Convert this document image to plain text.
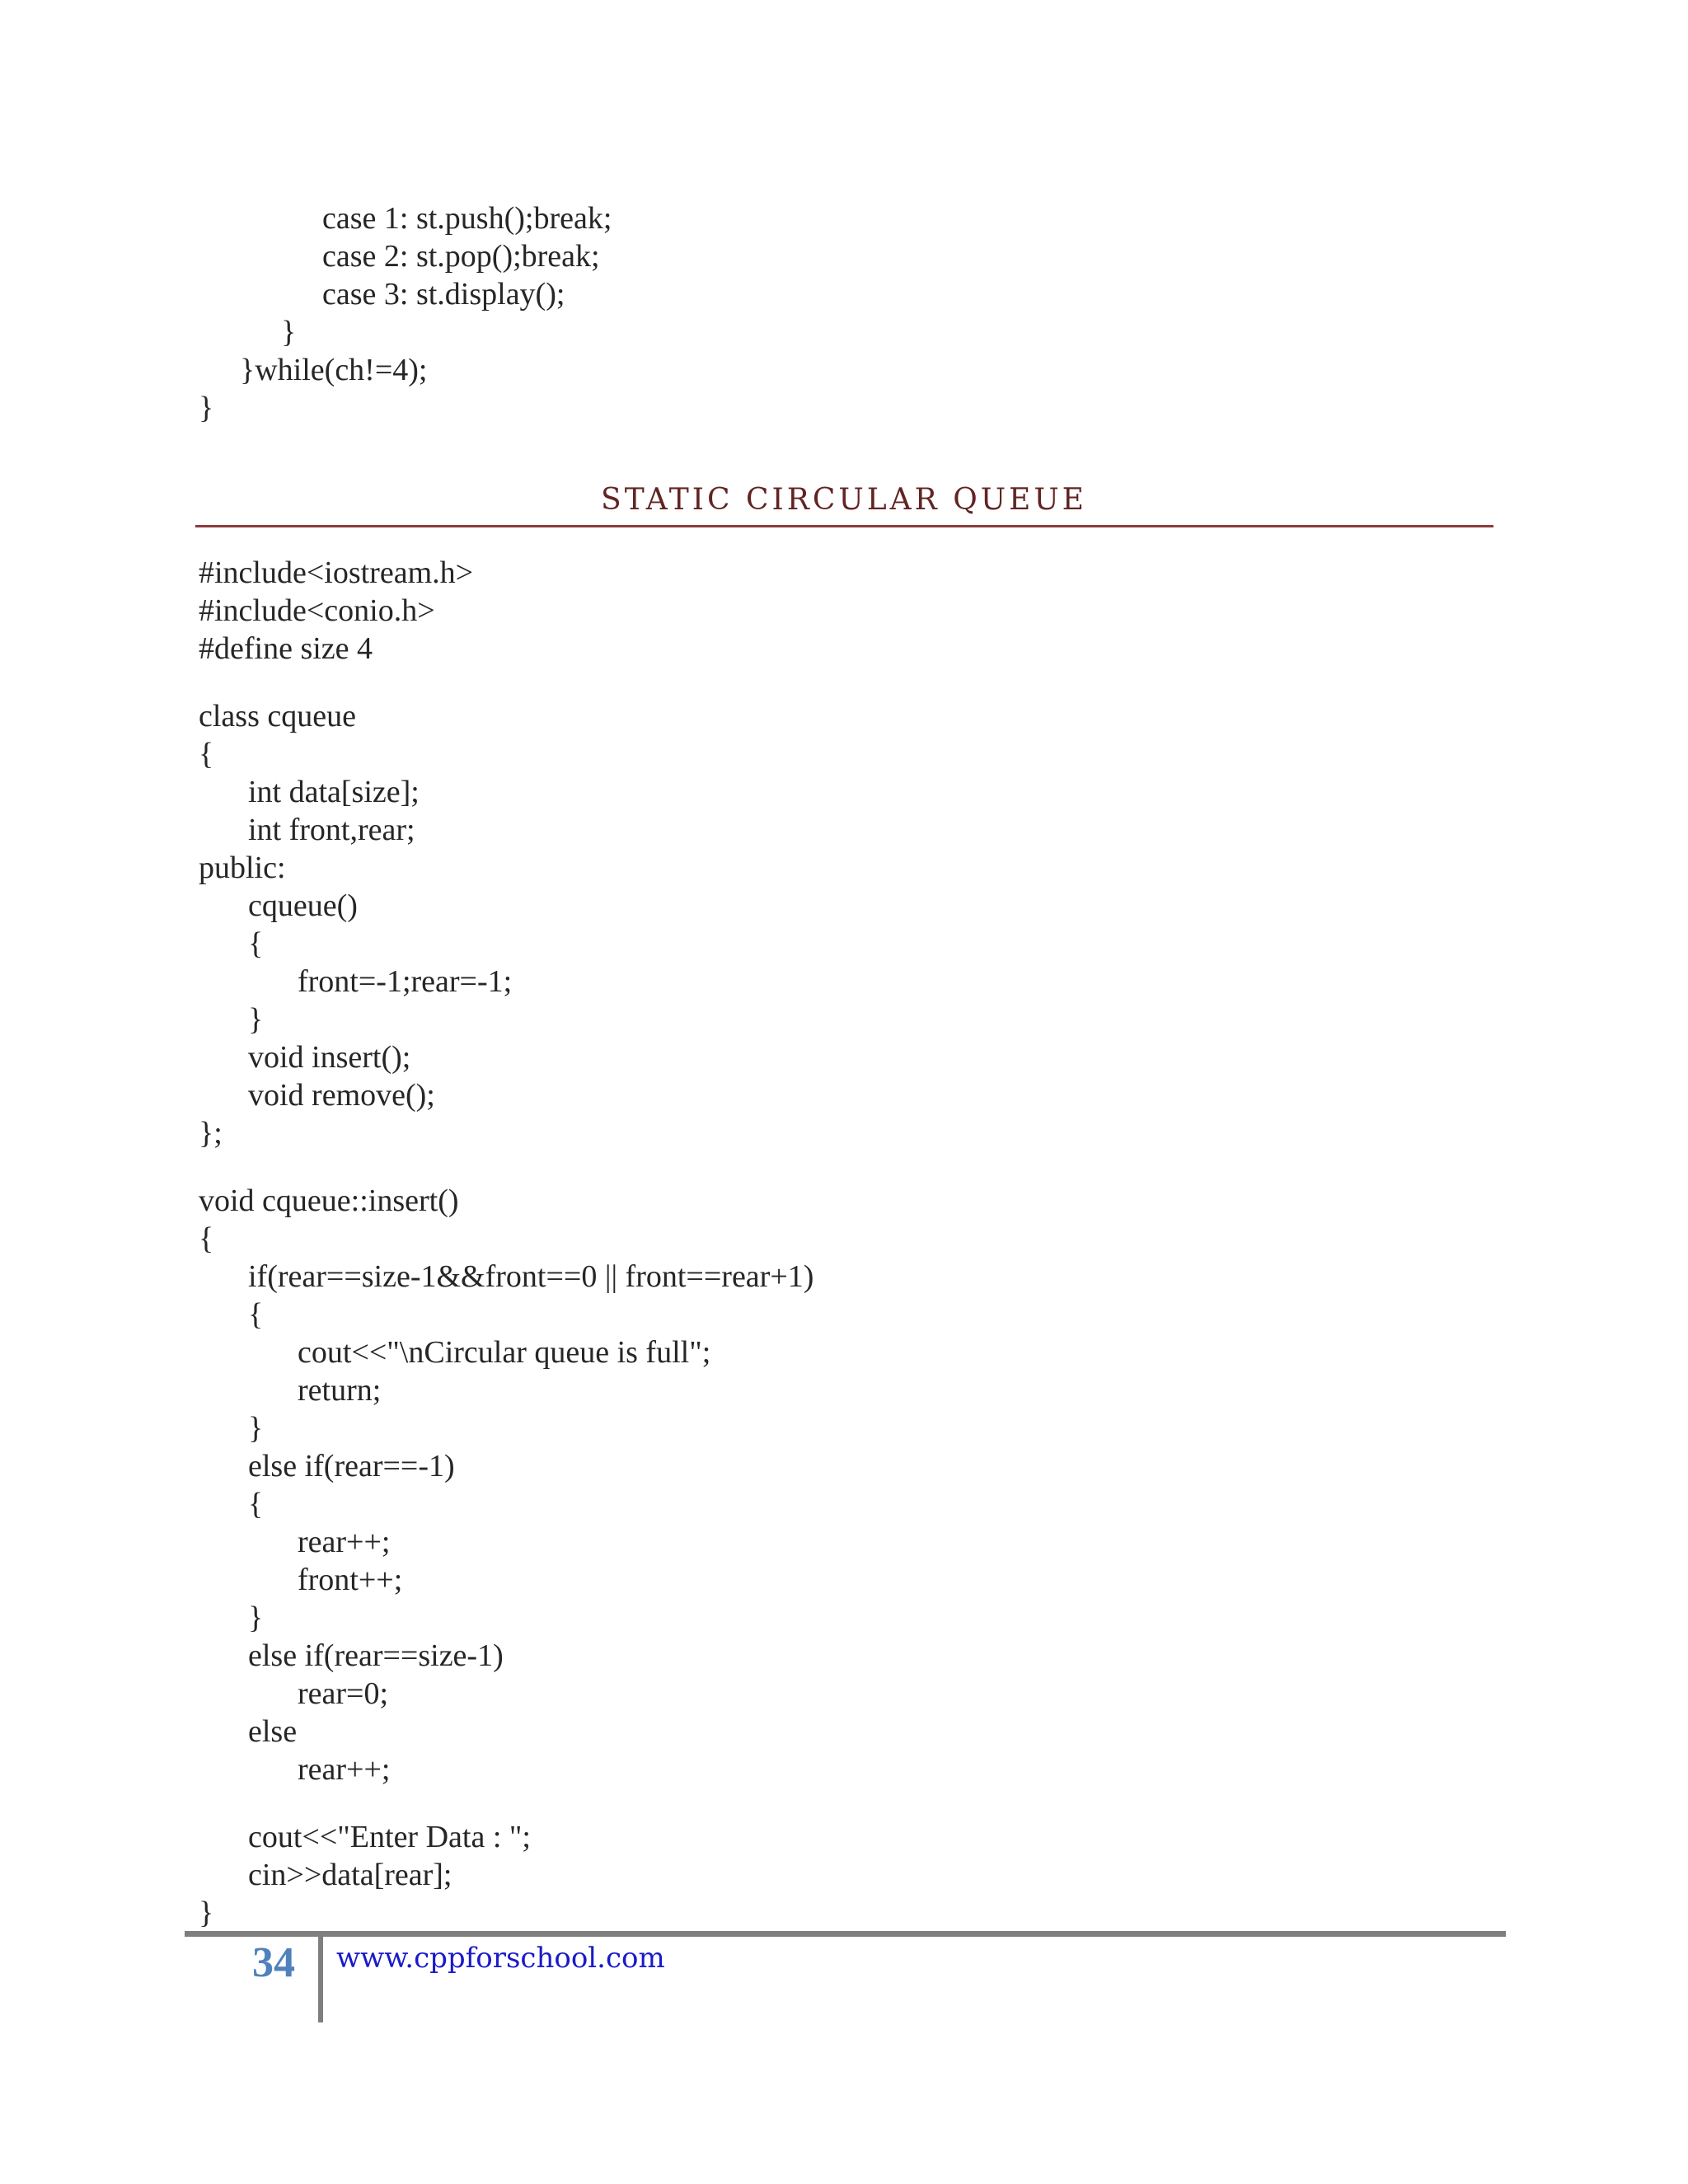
case 1: st.push();break;

case 2: st.pop();break;

case 3: st.display();

}

}while(ch!=4);

}

STATIC CIRCULAR QUEUE

#include<iostream.h>

#include<conio.h>

#define size 4

class cqueue

{

int data[size];

int front,rear;

public:

cqueue()

{

front=-1;rear=-1;

}

void insert();

void remove();

};

void cqueue::insert()

{

if(rear==size-1&&front==0 || front==rear+1)

{

cout<<"\nCircular queue is full";

return;

}

else if(rear==-1)

{

rear++;

front++;

}

else if(rear==size-1)

rear=0;

else

rear++;

cout<<"Enter Data : ";

cin>>data[rear];

}

34 www.cppforschool.com
